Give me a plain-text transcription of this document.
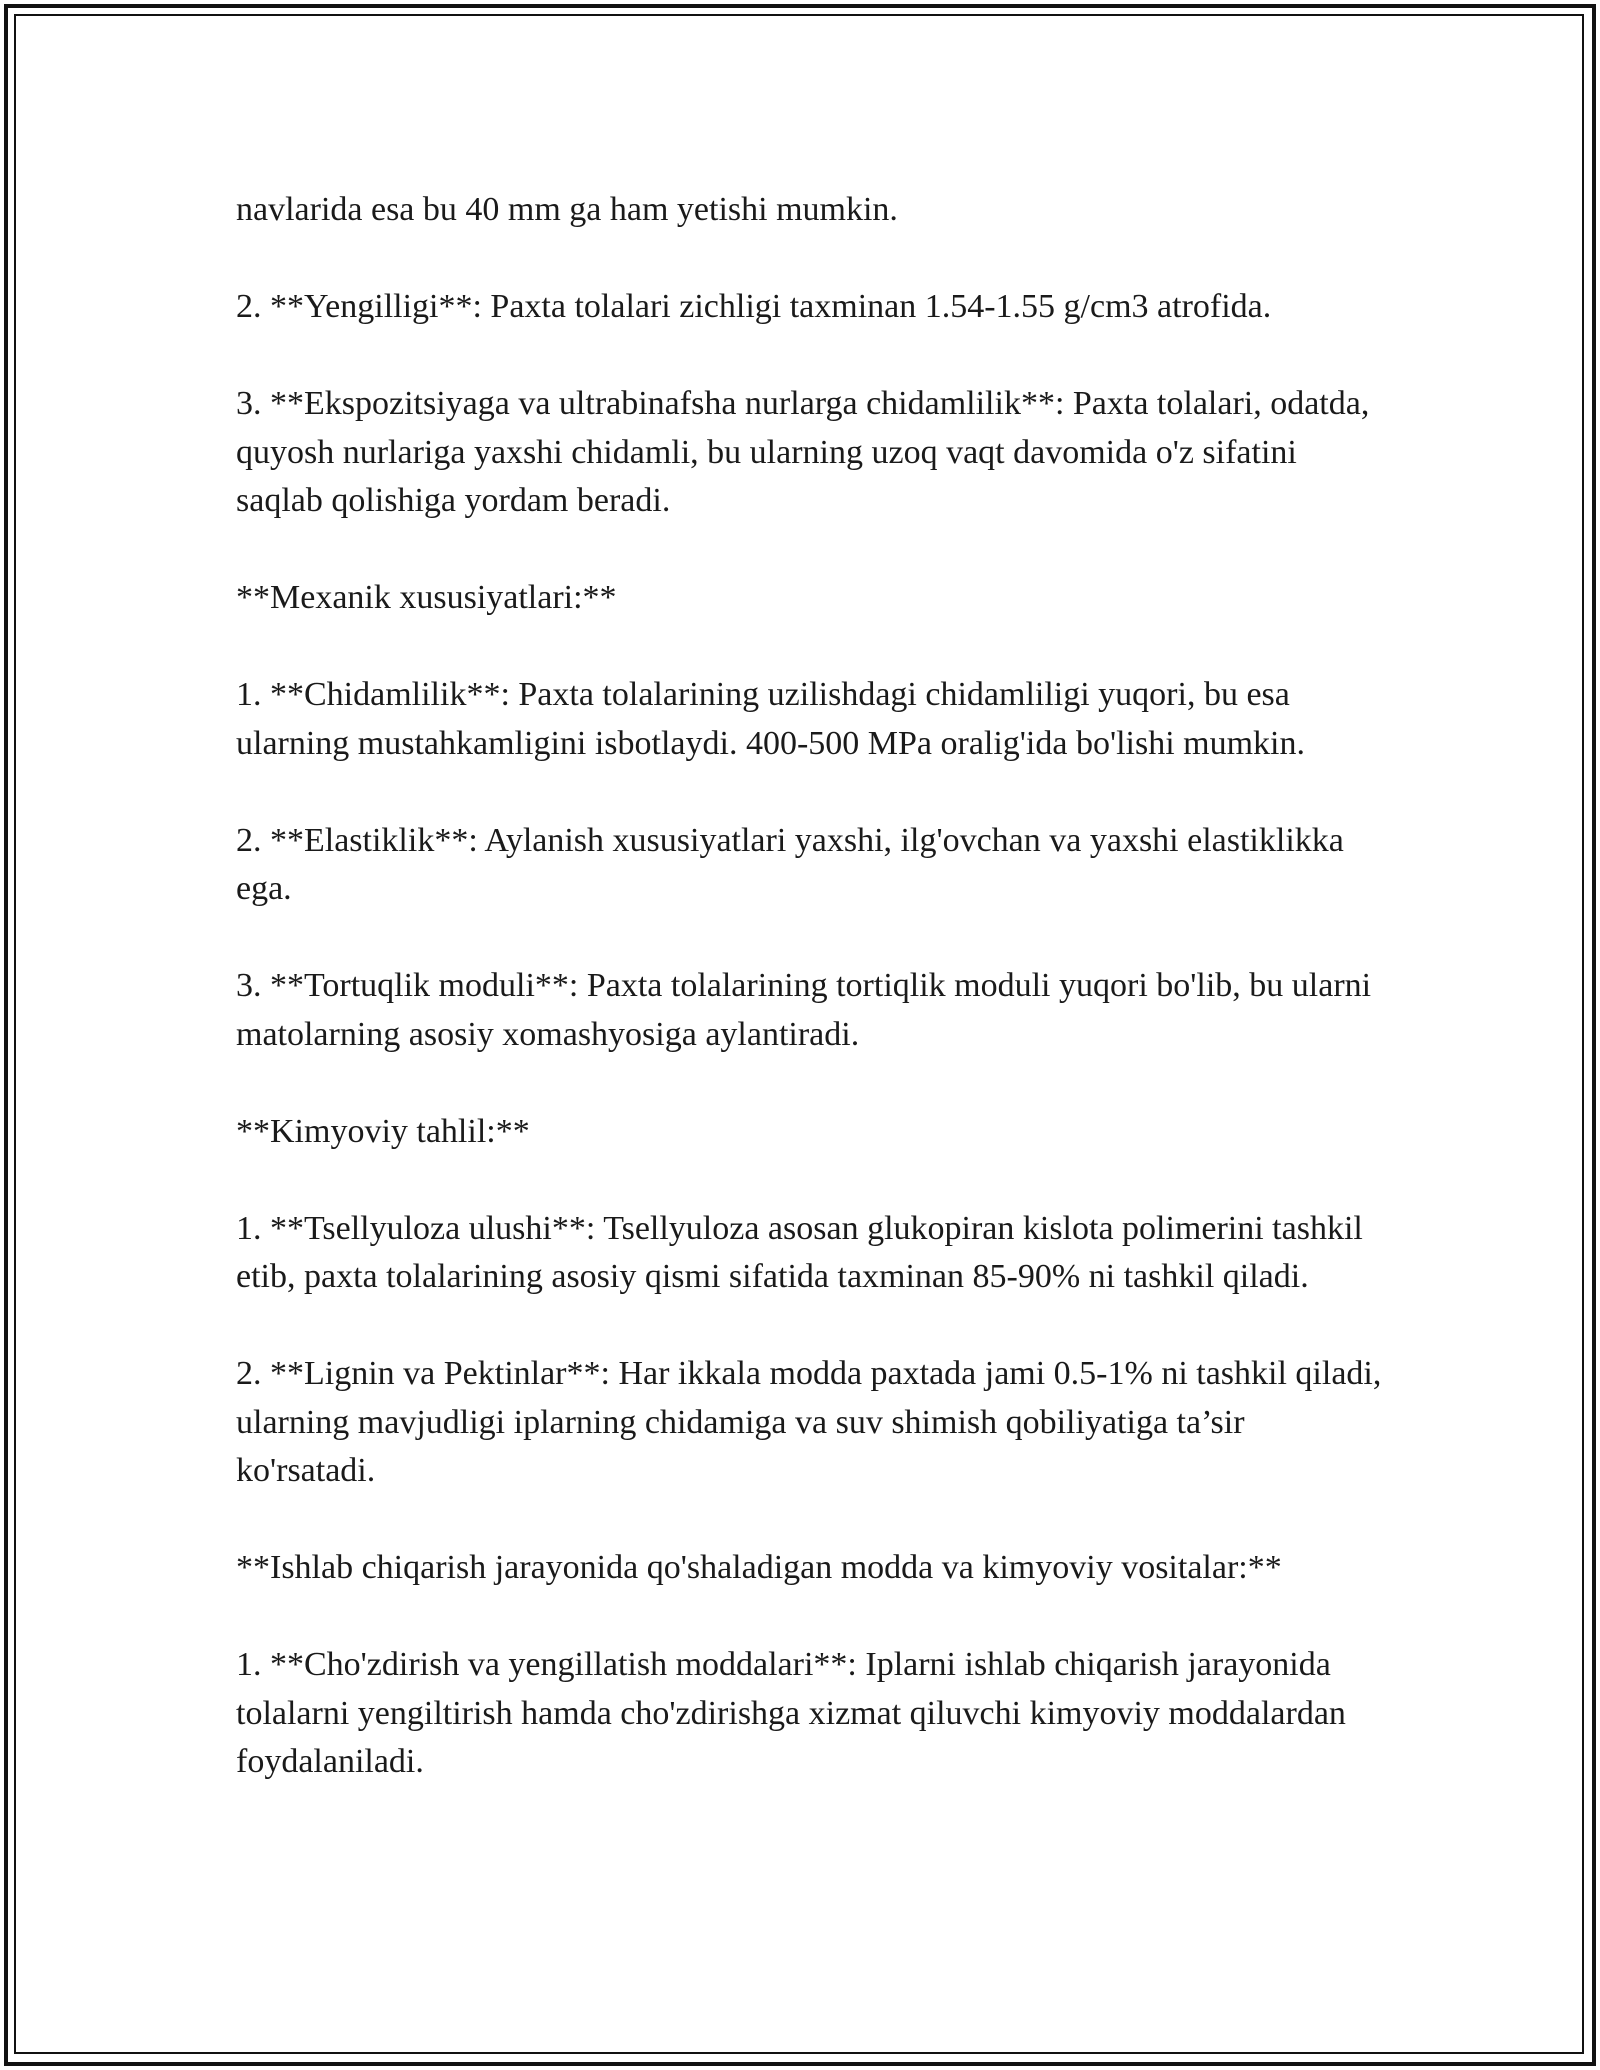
navlarida esa bu 40 mm ga ham yetishi mumkin.

2. **Yengilligi**: Paxta tolalari zichligi taxminan 1.54-1.55 g/cm3 atrofida.

3. **Ekspozitsiyaga va ultrabinafsha nurlarga chidamlilik**: Paxta tolalari, odatda, quyosh nurlariga yaxshi chidamli, bu ularning uzoq vaqt davomida o'z sifatini saqlab qolishiga yordam beradi.

**Mexanik xususiyatlari:**

1. **Chidamlilik**: Paxta tolalarining uzilishdagi chidamliligi yuqori, bu esa ularning mustahkamligini isbotlaydi. 400-500 MPa oralig'ida bo'lishi mumkin.

2. **Elastiklik**: Aylanish xususiyatlari yaxshi, ilg'ovchan va yaxshi elastiklikka ega.

3. **Tortuqlik moduli**: Paxta tolalarining tortiqlik moduli yuqori bo'lib, bu ularni matolarning asosiy xomashyosiga aylantiradi.

**Kimyoviy tahlil:**

1. **Tsellyuloza ulushi**: Tsellyuloza asosan glukopiran kislota polimerini tashkil etib, paxta tolalarining asosiy qismi sifatida taxminan 85-90% ni tashkil qiladi.

2. **Lignin va Pektinlar**: Har ikkala modda paxtada jami 0.5-1% ni tashkil qiladi, ularning mavjudligi iplarning chidamiga va suv shimish qobiliyatiga ta’sir ko'rsatadi.

**Ishlab chiqarish jarayonida qo'shaladigan modda va kimyoviy vositalar:**

1. **Cho'zdirish va yengillatish moddalari**: Iplarni ishlab chiqarish jarayonida tolalarni yengiltirish hamda cho'zdirishga xizmat qiluvchi kimyoviy moddalardan foydalaniladi.
